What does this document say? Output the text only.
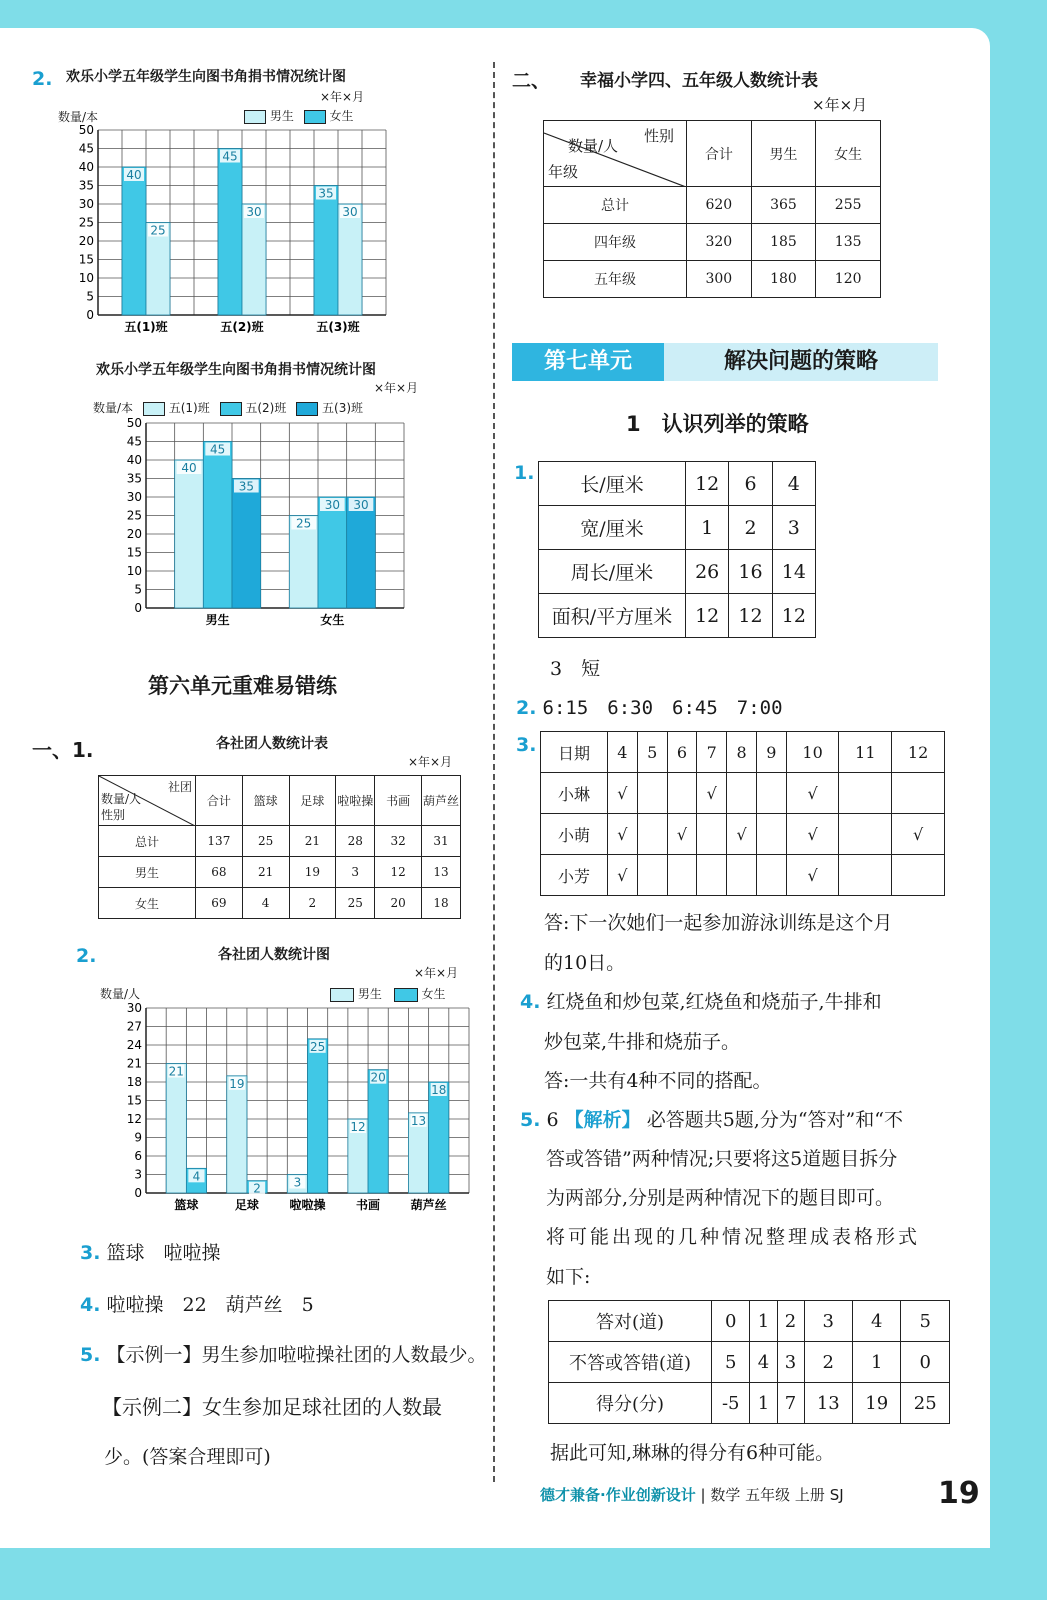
2. 欢乐小学五年级学生向图书角捐书情况统计图
×年×月
数量/本	男生	女生
0
5
10
15
20
25
30
35
40
45
50
40
25
五(1)班
45
30
五(2)班
35
30
五(3)班
欢乐小学五年级学生向图书角捐书情况统计图
×年×月
数量/本	五(1)班	五(2)班	五(3)班
0
5
10
15
20
25
30
35
40
45
50
40
45
35
男生
25
30 30
女生
第六单元重难易错练
一、1.	各社团人数统计表
×年×月
社团
数量/人
性别	合计	篮球	足球	啦啦操	书画	葫芦丝
总计	137	25	21	28	32	31
男生	68	21	19	3	12	13
女生	69	4	2	25	20	18
2.	各社团人数统计图
×年×月
数量/人	男生	女生
0
3
6
9
12
15
18
21
24
27
30
21
4
篮球
19
2
足球
3
25
啦啦操
12
20
书画
13
18
葫芦丝
3. 篮球　啦啦操
4. 啦啦操　22　葫芦丝　5
5. 【示例一】男生参加啦啦操社团的人数最少。
【示例二】女生参加足球社团的人数最
少。(答案合理即可)
二、 幸福小学四、五年级人数统计表
×年×月
性别
数量/人
年级	合计	男生	女生
总计	620	365	255
四年级	320	185	135
五年级	300	180	120
第七单元	解决问题的策略
1　认识列举的策略
1.
长/厘米	12	6	4
宽/厘米	1	2	3
周长/厘米	26	16	14
面积/平方厘米	12	12	12
3　短
2. 6:15　6:30　6:45　7:00
3. 日期	4	5	6	7	8	9	10	11	12
小琳	√			√			√		
小萌	√		√		√		√		√
小芳	√						√		
答:下一次她们一起参加游泳训练是这个月
的10日。
4. 红烧鱼和炒包菜,红烧鱼和烧茄子,牛排和
炒包菜,牛排和烧茄子。
答:一共有4种不同的搭配。
5. 6 【解析】 必答题共5题,分为“答对”和“不
答或答错”两种情况;只要将这5道题目拆分
为两部分,分别是两种情况下的题目即可。
将可能出现的几种情况整理成表格形式
如下:
答对(道)	0	1	2	3	4	5
不答或答错(道)	5	4	3	2	1	0
得分(分)	-5	1	7	13	19	25
据此可知,琳琳的得分有6种可能。
德才兼备·作业创新设计 | 数学 五年级 上册 SJ	19
